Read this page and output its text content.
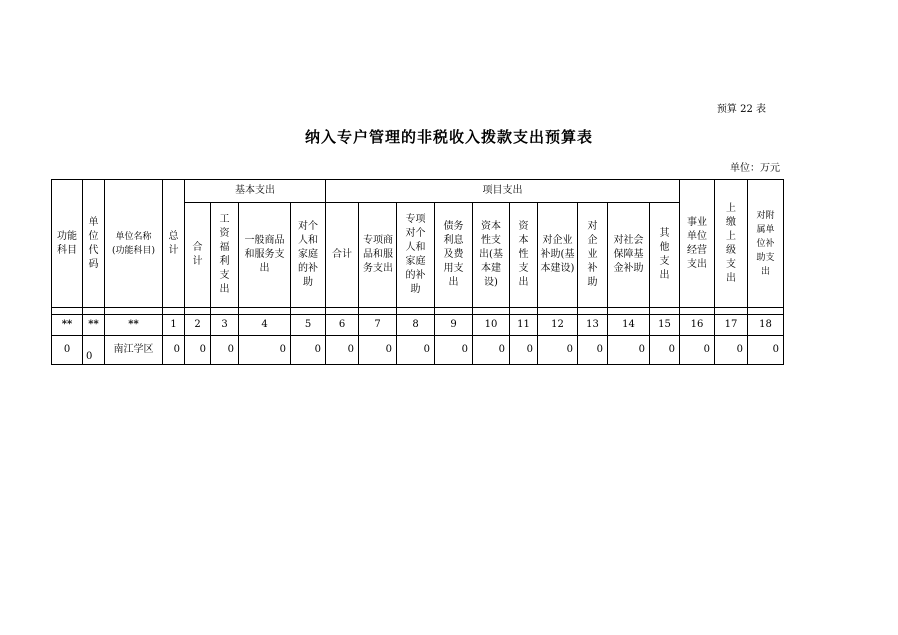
预算 22 表
纳入专户管理的非税收入拨款支出预算表
单位：万元
功能科目	单位代码	单位名称
(功能科目)	总计	基本支出				项目支出										事业单位经营支出	上缴上级支出	对附属单位补助支出
				合计	工资福利支出	一般商品和服务支出	对个人和家庭的补助	合计	专项商品和服务支出	专项对个人和家庭的补助	债务利息及费用支出	资本性支出(基本建设)	资本性支出	对企业补助(基本建设)	对企业补助	对社会保障基金补助	其他支出			

**	**	**	1	2	3	4	5	6	7	8	9	10	11	12	13	14	15	16	17	18
0	0	南江学区	0	0	0	0	0	0	0	0	0	0	0	0	0	0	0	0	0	0
